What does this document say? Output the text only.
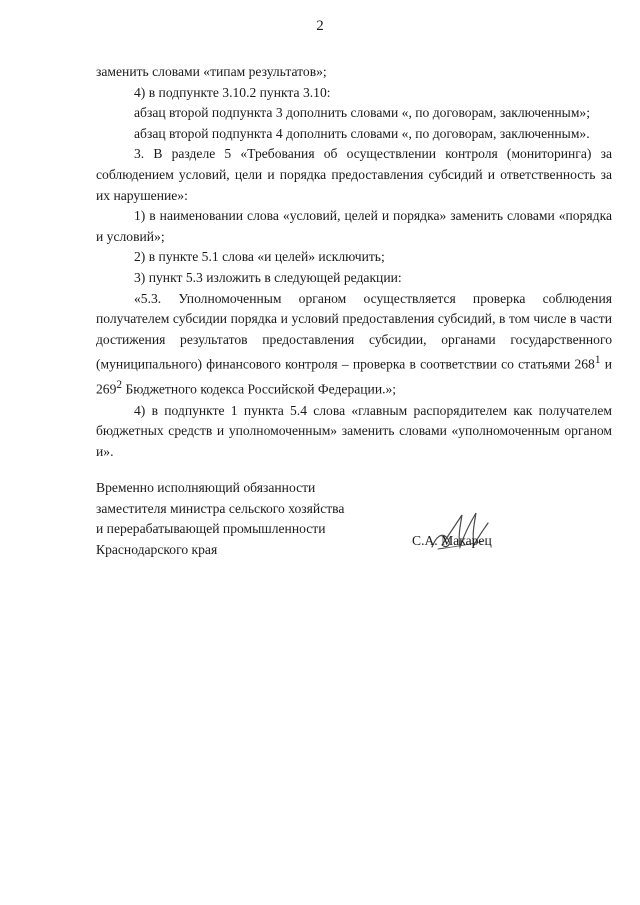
2

заменить словами «типам результатов»;

4) в подпункте 3.10.2 пункта 3.10:

абзац второй подпункта 3 дополнить словами «, по договорам, заключенным»;

абзац второй подпункта 4 дополнить словами «, по договорам, заключенным».

3. В разделе 5 «Требования об осуществлении контроля (мониторинга) за соблюдением условий, цели и порядка предоставления субсидий и ответственность за их нарушение»:

1) в наименовании слова «условий, целей и порядка» заменить словами «порядка и условий»;

2) в пункте 5.1 слова «и целей» исключить;

3) пункт 5.3 изложить в следующей редакции:

«5.3. Уполномоченным органом осуществляется проверка соблюдения получателем субсидии порядка и условий предоставления субсидий, в том числе в части достижения результатов предоставления субсидии, органами государственного (муниципального) финансового контроля – проверка в соответствии со статьями $268^1$ и $269^2$ Бюджетного кодекса Российской Федерации.»;

4) в подпункте 1 пункта 5.4 слова «главным распорядителем как получателем бюджетных средств и уполномоченным» заменить словами «уполномоченным органом и».

Временно исполняющий обязанности
заместителя министра сельского хозяйства
и перерабатывающей промышленности
Краснодарского края
С.А. Макарец
